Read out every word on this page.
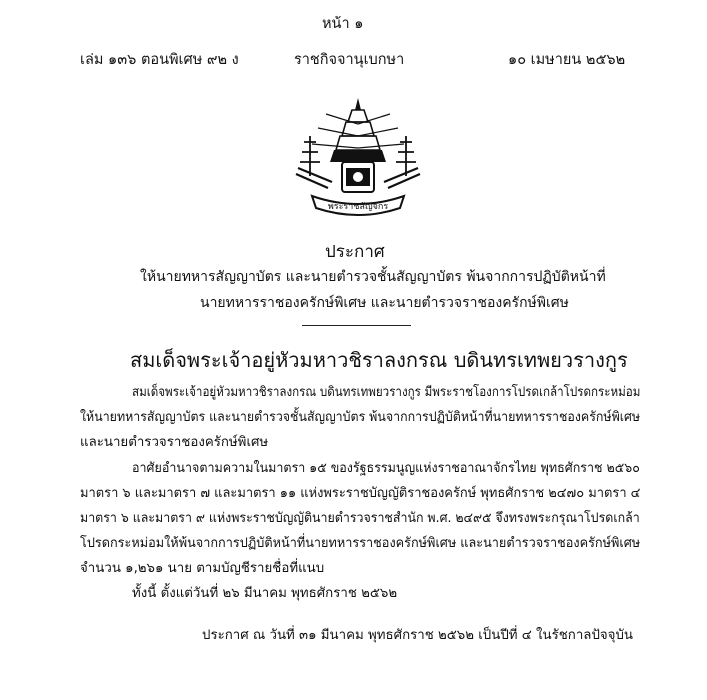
หน้า ๑
เล่ม ๑๓๖ ตอนพิเศษ ๙๒ ง	ราชกิจจานุเบกษา	๑๐ เมษายน ๒๕๖๒
พระราชลัญจกร
ประกาศ
ให้นายทหารสัญญาบัตร และนายตำรวจชั้นสัญญาบัตร พ้นจากการปฏิบัติหน้าที่
นายทหารราชองครักษ์พิเศษ และนายตำรวจราชองครักษ์พิเศษ
สมเด็จพระเจ้าอยู่หัวมหาวชิราลงกรณ บดินทรเทพยวรางกูร
สมเด็จพระเจ้าอยู่หัวมหาวชิราลงกรณ บดินทรเทพยวรางกูร มีพระราชโองการโปรดเกล้าโปรดกระหม่อม
ให้นายทหารสัญญาบัตร และนายตำรวจชั้นสัญญาบัตร พ้นจากการปฏิบัติหน้าที่นายทหารราชองครักษ์พิเศษ
และนายตำรวจราชองครักษ์พิเศษ
อาศัยอำนาจตามความในมาตรา ๑๕ ของรัฐธรรมนูญแห่งราชอาณาจักรไทย พุทธศักราช ๒๕๖๐
มาตรา ๖ และมาตรา ๗ และมาตรา ๑๑ แห่งพระราชบัญญัติราชองครักษ์ พุทธศักราช ๒๔๗๐ มาตรา ๔
มาตรา ๖ และมาตรา ๙ แห่งพระราชบัญญัตินายตำรวจราชสำนัก พ.ศ. ๒๔๙๕ จึงทรงพระกรุณาโปรดเกล้า
โปรดกระหม่อมให้พ้นจากการปฏิบัติหน้าที่นายทหารราชองครักษ์พิเศษ และนายตำรวจราชองครักษ์พิเศษ
จำนวน ๑,๒๖๑ นาย ตามบัญชีรายชื่อที่แนบ
ทั้งนี้ ตั้งแต่วันที่ ๒๖ มีนาคม พุทธศักราช ๒๕๖๒
ประกาศ ณ วันที่ ๓๑ มีนาคม พุทธศักราช ๒๕๖๒ เป็นปีที่ ๔ ในรัชกาลปัจจุบัน
